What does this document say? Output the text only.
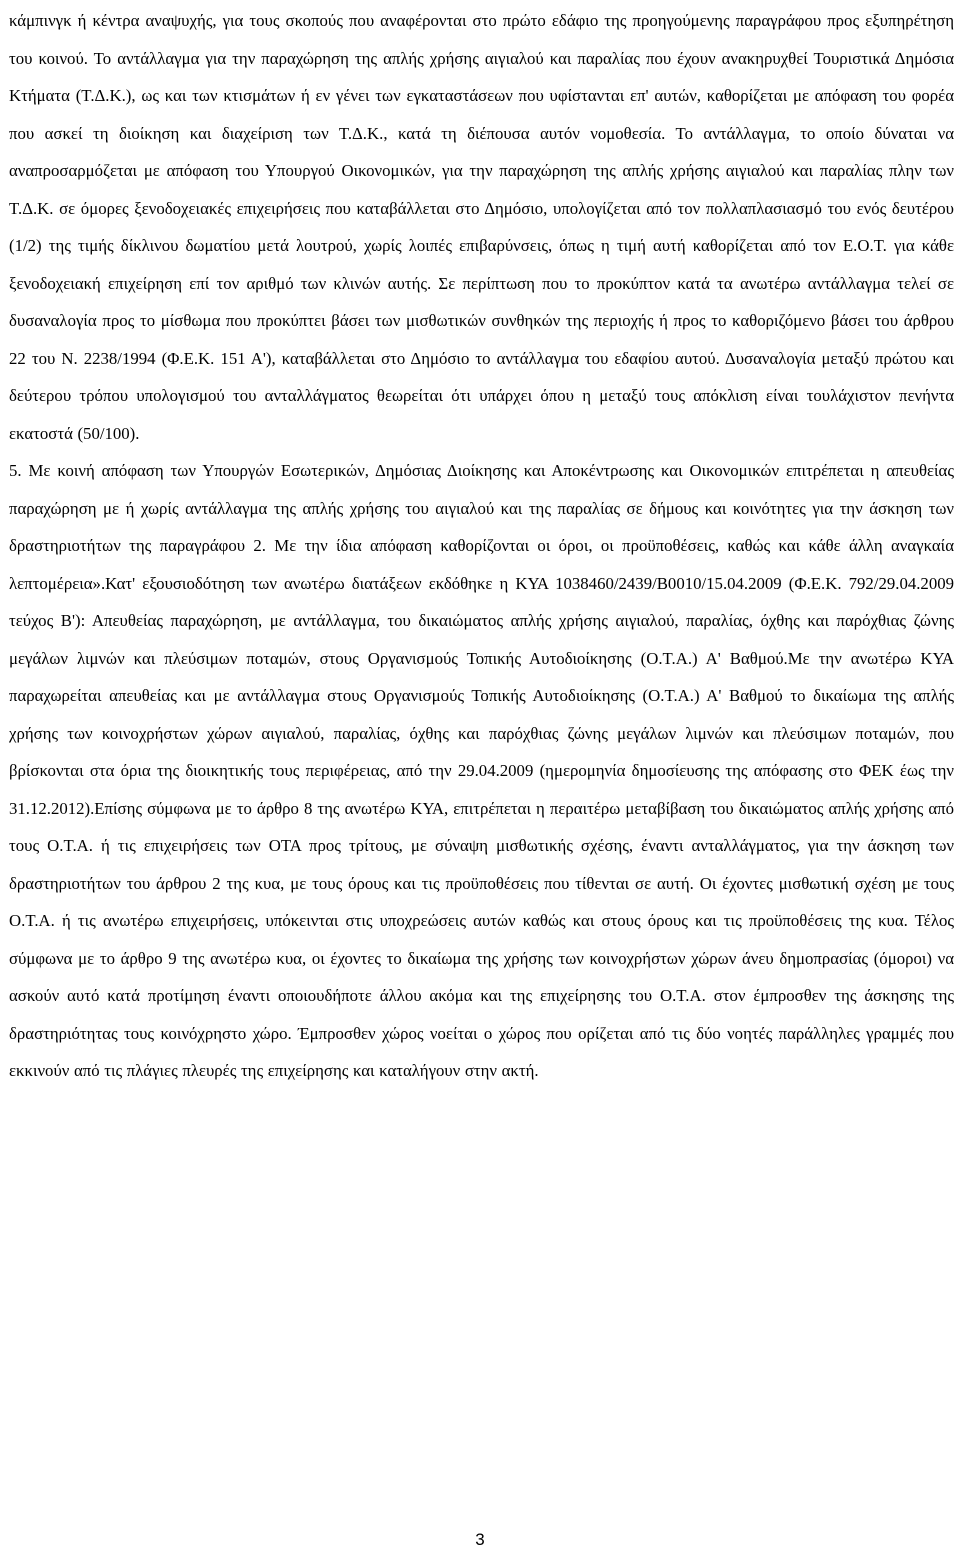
κάμπινγκ ή κέντρα αναψυχής, για τους σκοπούς που αναφέρονται στο πρώτο εδάφιο της προηγούμενης παραγράφου προς εξυπηρέτηση του κοινού. Το αντάλλαγμα για την παραχώρηση της απλής χρήσης αιγιαλού και παραλίας που έχουν ανακηρυχθεί Τουριστικά Δημόσια Κτήματα (Τ.Δ.Κ.), ως και των κτισμάτων ή εν γένει των εγκαταστάσεων που υφίστανται επ' αυτών, καθορίζεται με απόφαση του φορέα που ασκεί τη διοίκηση και διαχείριση των Τ.Δ.Κ., κατά τη διέπουσα αυτόν νομοθεσία. Το αντάλλαγμα, το οποίο δύναται να αναπροσαρμόζεται με απόφαση του Υπουργού Οικονομικών, για την παραχώρηση της απλής χρήσης αιγιαλού και παραλίας πλην των Τ.Δ.Κ. σε όμορες ξενοδοχειακές επιχειρήσεις που καταβάλλεται στο Δημόσιο, υπολογίζεται από τον πολλαπλασιασμό του ενός δευτέρου (1/2) της τιμής δίκλινου δωματίου μετά λουτρού, χωρίς λοιπές επιβαρύνσεις, όπως η τιμή αυτή καθορίζεται από τον Ε.Ο.Τ. για κάθε ξενοδοχειακή επιχείρηση επί τον αριθμό των κλινών αυτής. Σε περίπτωση που το προκύπτον κατά τα ανωτέρω αντάλλαγμα τελεί σε δυσαναλογία προς το μίσθωμα που προκύπτει βάσει των μισθωτικών συνθηκών της περιοχής ή προς το καθοριζόμενο βάσει του άρθρου 22 του Ν. 2238/1994 (Φ.Ε.Κ. 151 Α'), καταβάλλεται στο Δημόσιο το αντάλλαγμα του εδαφίου αυτού. Δυσαναλογία μεταξύ πρώτου και δεύτερου τρόπου υπολογισμού του ανταλλάγματος θεωρείται ότι υπάρχει όπου η μεταξύ τους απόκλιση είναι τουλάχιστον πενήντα εκατοστά (50/100).

5. Με κοινή απόφαση των Υπουργών Εσωτερικών, Δημόσιας Διοίκησης και Αποκέντρωσης και Οικονομικών επιτρέπεται η απευθείας παραχώρηση με ή χωρίς αντάλλαγμα της απλής χρήσης του αιγιαλού και της παραλίας σε δήμους και κοινότητες για την άσκηση των δραστηριοτήτων της παραγράφου 2. Με την ίδια απόφαση καθορίζονται οι όροι, οι προϋποθέσεις, καθώς και κάθε άλλη αναγκαία λεπτομέρεια».Κατ' εξουσιοδότηση των ανωτέρω διατάξεων εκδόθηκε η ΚΥΑ 1038460/2439/Β0010/15.04.2009 (Φ.Ε.Κ. 792/29.04.2009 τεύχος Β'): Απευθείας παραχώρηση, με αντάλλαγμα, του δικαιώματος απλής χρήσης αιγιαλού, παραλίας, όχθης και παρόχθιας ζώνης μεγάλων λιμνών και πλεύσιμων ποταμών, στους Οργανισμούς Τοπικής Αυτοδιοίκησης (Ο.Τ.Α.) Α' Βαθμού.Με την ανωτέρω ΚΥΑ παραχωρείται απευθείας και με αντάλλαγμα στους Οργανισμούς Τοπικής Αυτοδιοίκησης (Ο.Τ.Α.) Α' Βαθμού το δικαίωμα της απλής χρήσης των κοινοχρήστων χώρων αιγιαλού, παραλίας, όχθης και παρόχθιας ζώνης μεγάλων λιμνών και πλεύσιμων ποταμών, που βρίσκονται στα όρια της διοικητικής τους περιφέρειας, από την 29.04.2009 (ημερομηνία δημοσίευσης της απόφασης στο ΦΕΚ έως την 31.12.2012).Επίσης σύμφωνα με το άρθρο 8 της ανωτέρω ΚΥΑ, επιτρέπεται η περαιτέρω μεταβίβαση του δικαιώματος απλής χρήσης από τους Ο.Τ.Α. ή τις επιχειρήσεις των ΟΤΑ προς τρίτους, με σύναψη μισθωτικής σχέσης, έναντι ανταλλάγματος, για την άσκηση των δραστηριοτήτων του άρθρου 2 της κυα, με τους όρους και τις προϋποθέσεις που τίθενται σε αυτή. Οι έχοντες μισθωτική σχέση με τους Ο.Τ.Α. ή τις ανωτέρω επιχειρήσεις, υπόκεινται στις υποχρεώσεις αυτών καθώς και στους όρους και τις προϋποθέσεις της κυα. Τέλος σύμφωνα με το άρθρο 9 της ανωτέρω κυα, οι έχοντες το δικαίωμα της χρήσης των κοινοχρήστων χώρων άνευ δημοπρασίας (όμοροι) να ασκούν αυτό κατά προτίμηση έναντι οποιουδήποτε άλλου ακόμα και της επιχείρησης του Ο.Τ.Α. στον έμπροσθεν της άσκησης της δραστηριότητας τους κοινόχρηστο χώρο. Έμπροσθεν χώρος νοείται ο χώρος που ορίζεται από τις δύο νοητές παράλληλες γραμμές που εκκινούν από τις πλάγιες πλευρές της επιχείρησης και καταλήγουν στην ακτή.

3
